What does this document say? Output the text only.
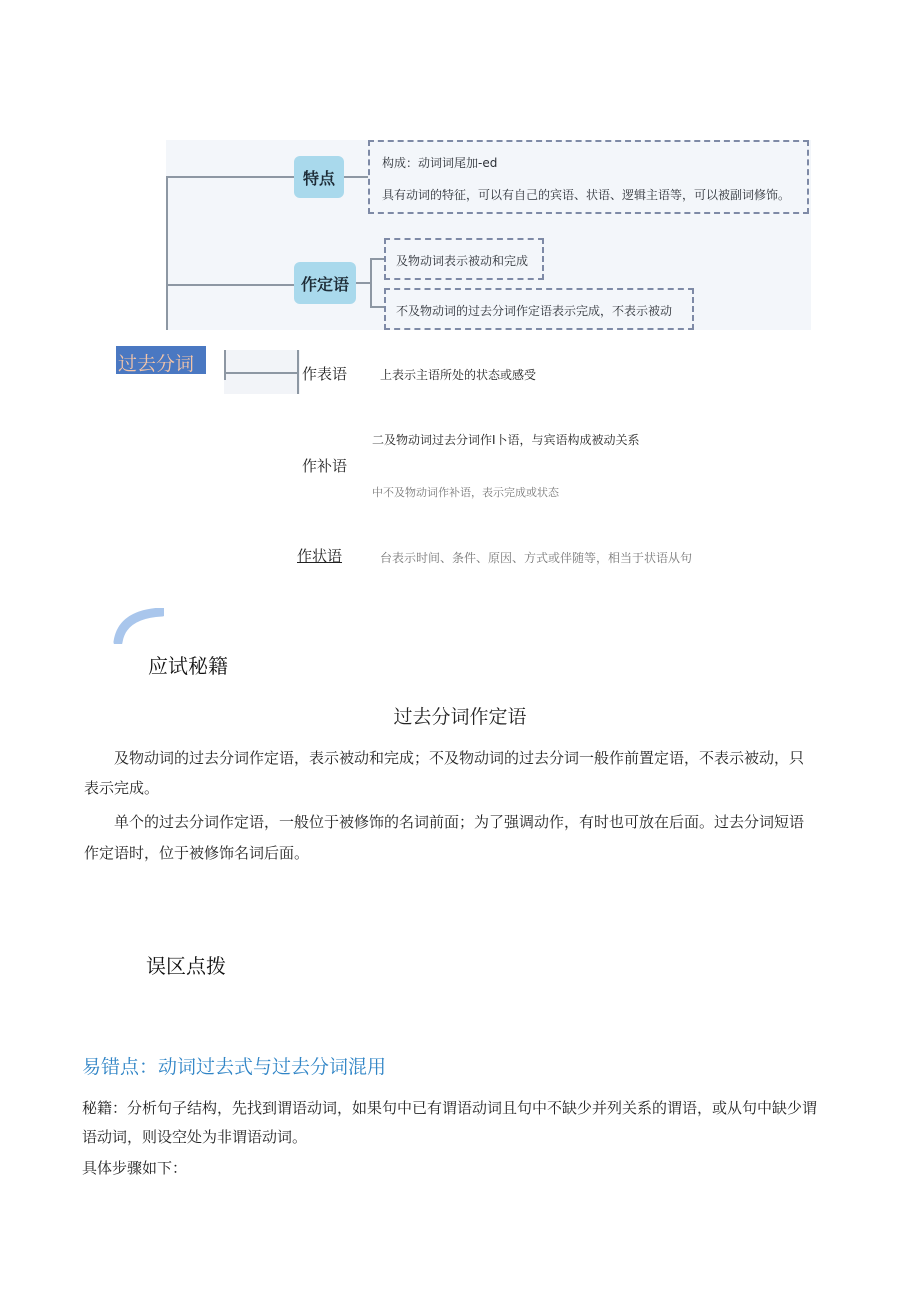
特点
构成：动词词尾加-ed
具有动词的特征，可以有自己的宾语、状语、逻辑主语等，可以被副词修饰。
作定语
及物动词表示被动和完成
不及物动词的过去分词作定语表示完成，不表示被动
过去分词	作表语	上表示主语所处的状态或感受
二及物动词过去分词作I卜语，与宾语构成被动关系
作补语
中不及物动词作补语，表示完成或状态
作状语	台表示时间、条件、原因、方式或伴随等，相当于状语从句
应试秘籍
过去分词作定语
及物动词的过去分词作定语，表示被动和完成；不及物动词的过去分词一般作前置定语，不表示被动，只
表示完成。
单个的过去分词作定语，一般位于被修饰的名词前面；为了强调动作，有时也可放在后面。过去分词短语
作定语时，位于被修饰名词后面。
误区点拨
易错点：动词过去式与过去分词混用
秘籍：分析句子结构，先找到谓语动词，如果句中已有谓语动词且句中不缺少并列关系的谓语，或从句中缺少谓
语动词，则设空处为非谓语动词。
具体步骤如下：
